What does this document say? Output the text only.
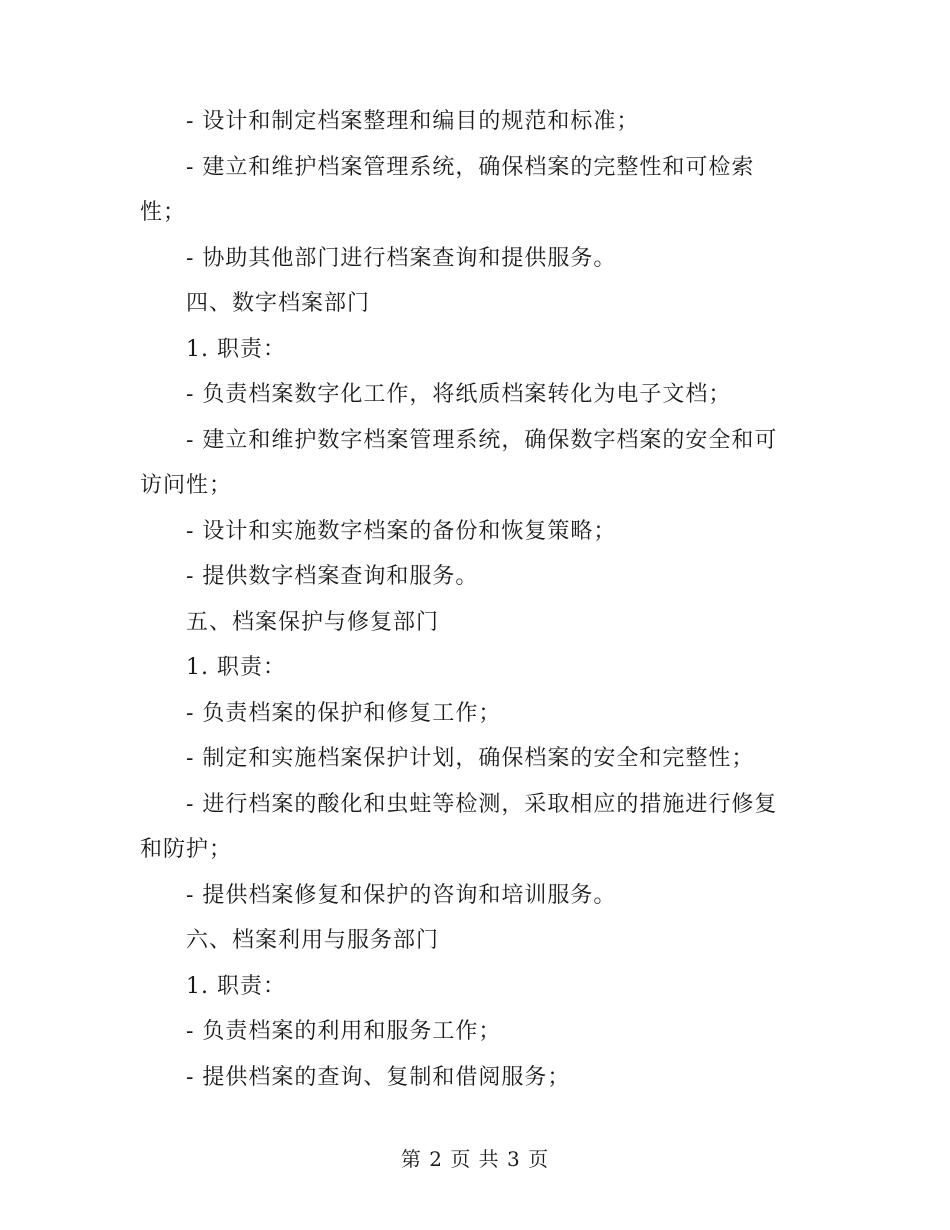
- 设计和制定档案整理和编目的规范和标准；
- 建立和维护档案管理系统，确保档案的完整性和可检索
性；
- 协助其他部门进行档案查询和提供服务。
四、数字档案部门
1. 职责：
- 负责档案数字化工作，将纸质档案转化为电子文档；
- 建立和维护数字档案管理系统，确保数字档案的安全和可
访问性；
- 设计和实施数字档案的备份和恢复策略；
- 提供数字档案查询和服务。
五、档案保护与修复部门
1. 职责：
- 负责档案的保护和修复工作；
- 制定和实施档案保护计划，确保档案的安全和完整性；
- 进行档案的酸化和虫蛀等检测，采取相应的措施进行修复
和防护；
- 提供档案修复和保护的咨询和培训服务。
六、档案利用与服务部门
1. 职责：
- 负责档案的利用和服务工作；
- 提供档案的查询、复制和借阅服务；
第 2 页 共 3 页
